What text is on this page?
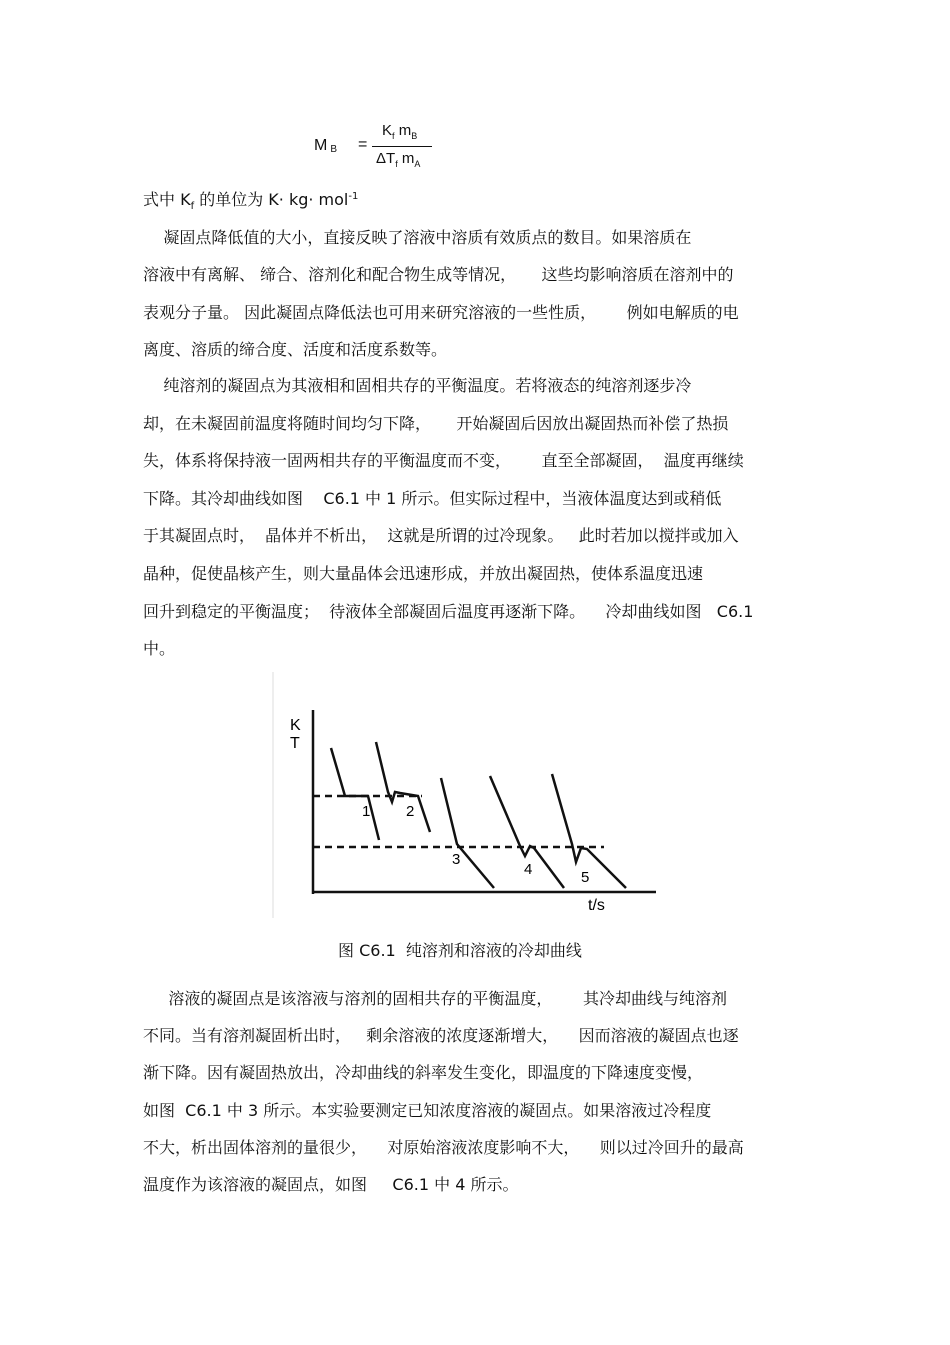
M $_B$ =
$K_f$ $m_B$
$\Delta T_f$ $m_A$
式中 $K_f$ 的单位为 K· kg· mol$^{-1}$
凝固点降低值的大小，直接反映了溶液中溶质有效质点的数目。如果溶质在
溶液中有离解、 缔合、溶剂化和配合物生成等情况，     这些均影响溶质在溶剂中的
表观分子量。 因此凝固点降低法也可用来研究溶液的一些性质，      例如电解质的电
离度、溶质的缔合度、活度和活度系数等。
纯溶剂的凝固点为其液相和固相共存的平衡温度。若将液态的纯溶剂逐步冷
却，在未凝固前温度将随时间均匀下降，     开始凝固后因放出凝固热而补偿了热损
失，体系将保持液一固两相共存的平衡温度而不变，      直至全部凝固，  温度再继续
下降。其冷却曲线如图    C6.1 中 1 所示。但实际过程中，当液体温度达到或稍低
于其凝固点时，  晶体并不析出，  这就是所谓的过冷现象。   此时若加以搅拌或加入
晶种，促使晶核产生，则大量晶体会迅速形成，并放出凝固热，使体系温度迅速
回升到稳定的平衡温度；  待液体全部凝固后温度再逐渐下降。    冷却曲线如图   C6.1
中。
K
T
t/s
1 2
3
4	5
图 C6.1  纯溶剂和溶液的冷却曲线
溶液的凝固点是该溶液与溶剂的固相共存的平衡温度，      其冷却曲线与纯溶剂
不同。当有溶剂凝固析出时，   剩余溶液的浓度逐渐增大，    因而溶液的凝固点也逐
渐下降。因有凝固热放出，冷却曲线的斜率发生变化，即温度的下降速度变慢，
如图  C6.1 中 3 所示。本实验要测定已知浓度溶液的凝固点。如果溶液过冷程度
不大，析出固体溶剂的量很少，    对原始溶液浓度影响不大，    则以过冷回升的最高
温度作为该溶液的凝固点，如图     C6.1 中 4 所示。
